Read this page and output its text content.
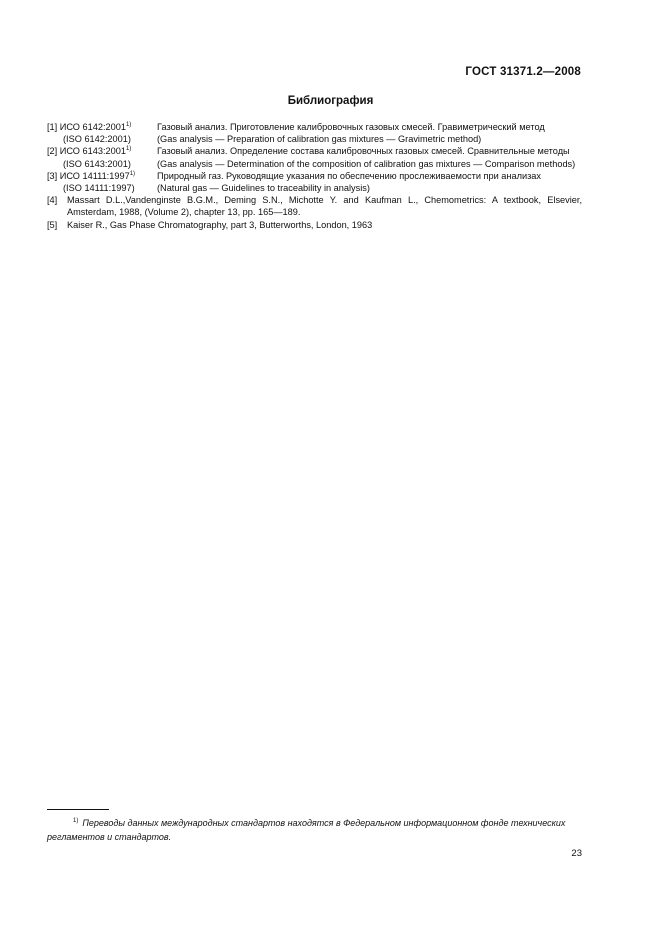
ГОСТ 31371.2—2008
Библиография
[1] ИСО 6142:2001$^{1)}$	Газовый анализ. Приготовление калибровочных газовых смесей. Гравиметрический метод
(ISO 6142:2001)	(Gas analysis — Preparation of calibration gas mixtures — Gravimetric method)
[2] ИСО 6143:2001$^{1)}$	Газовый анализ. Определение состава калибровочных газовых смесей. Сравнительные методы
(ISO 6143:2001)	(Gas analysis — Determination of the composition of calibration gas mixtures — Comparison methods)
[3] ИСО 14111:1997$^{1)}$	Природный газ. Руководящие указания по обеспечению прослеживаемости при анализах
(ISO 14111:1997)	(Natural gas — Guidelines to traceability in analysis)
[4]	Massart D.L.,Vandenginste B.G.M., Deming S.N., Michotte Y. and Kaufman L., Chemometrics: A textbook, Elsevier, Amsterdam, 1988, (Volume 2), chapter 13, pp. 165—189.
[5]	Kaiser R., Gas Phase Chromatography, part 3, Butterworths, London, 1963
$^{1)}$ Переводы данных международных стандартов находятся в Федеральном информационном фонде технических регламентов и стандартов.
23
